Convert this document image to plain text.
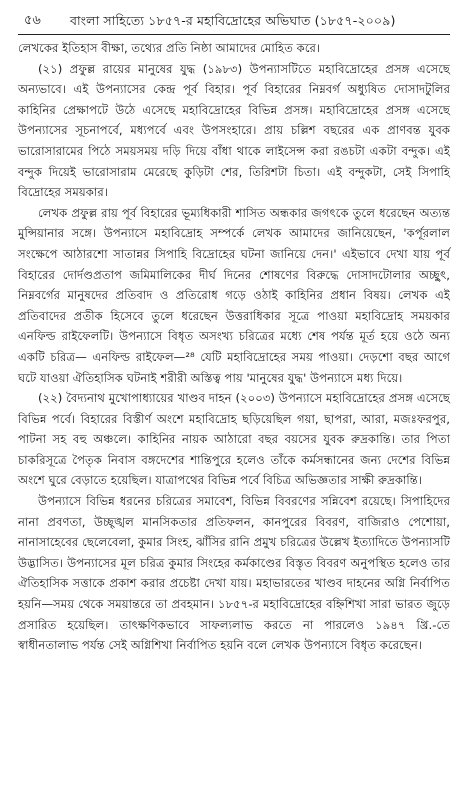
৫৬ বাংলা সাহিত্যে ১৮৫৭-র মহাবিদ্রোহের অভিঘাত (১৮৫৭-২০০৯)

লেখকের ইতিহাস বীক্ষা, তথ্যের প্রতি নিষ্ঠা আমাদের মোহিত করে।

(২১) প্রফুল্ল রায়ের মানুষের যুদ্ধ (১৯৮৩) উপন্যাসটিতে মহাবিদ্রোহের প্রসঙ্গ এসেছে অন্যভাবে। এই উপন্যাসের কেন্দ্র পূর্ব বিহার। পূর্ব বিহারের নিম্নবর্গ অধ্যুষিত দোসাদটুলির কাহিনির প্রেক্ষাপটে উঠে এসেছে মহাবিদ্রোহের বিভিন্ন প্রসঙ্গ। মহাবিদ্রোহের প্রসঙ্গ এসেছে উপন্যাসের সূচনাপর্বে, মধ্যপর্বে এবং উপসংহারে। প্রায় চল্লিশ বছরের এক প্রাণবন্ত যুবক ভারোসারামের পিঠে সময়সময় দড়ি দিয়ে বাঁধা থাকে লাইসেন্স করা রঙচটা একটা বন্দুক। এই বন্দুক দিয়েই ভারোসারাম মেরেছে কুড়িটা শের, তিরিশটা চিতা। এই বন্দুকটা, সেই সিপাহি বিদ্রোহের সময়কার।

লেখক প্রফুল্ল রায় পূর্ব বিহারের ভূম্যধিকারী শাসিত অন্ধকার জগৎকে তুলে ধরেছেন অত্যন্ত মুন্সিয়ানার সঙ্গে। উপন্যাসে মহাবিদ্রোহ সম্পর্কে লেখক আমাদের জানিয়েছেন, 'কর্পূরলাল সংক্ষেপে আঠারশো সাতান্নর সিপাহি বিদ্রোহের ঘটনা জানিয়ে দেন।' এইভাবে দেখা যায় পূর্ব বিহারের দোর্দণ্ডপ্রতাপ জমিমালিকের দীর্ঘ দিনের শোষণের বিরুদ্ধে দোসাদটোলার অচ্ছুৎ, নিম্নবর্গের মানুষদের প্রতিবাদ ও প্রতিরোধ গড়ে ওঠাই কাহিনির প্রধান বিষয়। লেখক এই প্রতিবাদের প্রতীক হিসেবে তুলে ধরেছেন উত্তরাধিকার সূত্রে পাওয়া মহাবিদ্রোহ সময়কার এনফিল্ড রাইফেলটি। উপন্যাসে বিধৃত অসংখ্য চরিত্রের মধ্যে শেষ পর্যন্ত মূর্ত হয়ে ওঠে অন্য একটি চরিত্র— এনফিল্ড রাইফেল—²⁸ যেটি মহাবিদ্রোহের সময় পাওয়া। দেড়শো বছর আগে ঘটে যাওয়া ঐতিহাসিক ঘটনাই শরীরী অস্তিত্ব পায় 'মানুষের যুদ্ধ' উপন্যাসে মধ্য দিয়ে।

(২২) বৈদ্যনাথ মুখোপাধ্যায়ের খাণ্ডব দাহন (২০০৩) উপন্যাসে মহাবিদ্রোহের প্রসঙ্গ এসেছে বিভিন্ন পর্বে। বিহারের বিস্তীর্ণ অংশে মহাবিদ্রোহ ছড়িয়েছিল গয়া, ছাপরা, আরা, মজঃফরপুর, পাটনা সহ বহু অঞ্চলে। কাহিনির নায়ক আঠারো বছর বয়সের যুবক রুদ্রকান্তি। তার পিতা চাকরিসূত্রে পৈতৃক নিবাস বঙ্গদেশের শান্তিপুরে হলেও তাঁকে কর্মসন্ধানের জন্য দেশের বিভিন্ন অংশে ঘুরে বেড়াতে হয়েছিল। যাত্রাপথের বিভিন্ন পর্বে বিচিত্র অভিজ্ঞতার সাক্ষী রুদ্রকান্তি।

উপন্যাসে বিভিন্ন ধরনের চরিত্রের সমাবেশ, বিভিন্ন বিবরণের সন্নিবেশ রয়েছে। সিপাহিদের নানা প্রবণতা, উচ্ছৃঙ্খল মানসিকতার প্রতিফলন, কানপুরের বিবরণ, বাজিরাও পেশোয়া, নানাসাহেবের ছেলেবেলা, কুমার সিংহ, ঝাঁসির রানি প্রমুখ চরিত্রের উল্লেখ ইত্যাদিতে উপন্যাসটি উদ্ভাসিত। উপন্যাসের মূল চরিত্র কুমার সিংহের কর্মকাণ্ডের বিস্তৃত বিবরণ অনুপস্থিত হলেও তার ঐতিহাসিক সত্তাকে প্রকাশ করার প্রচেষ্টা দেখা যায়। মহাভারতের খাণ্ডব দাহনের অগ্নি নির্বাপিত হয়নি—সময় থেকে সময়ান্তরে তা প্রবহমান। ১৮৫৭-র মহাবিদ্রোহের বহ্নিশিখা সারা ভারত জুড়ে প্রসারিত হয়েছিল। তাৎক্ষণিকভাবে সাফল্যলাভ করতে না পারলেও ১৯৪৭ খ্রি.-তে স্বাধীনতালাভ পর্যন্ত সেই অগ্নিশিখা নির্বাপিত হয়নি বলে লেখক উপন্যাসে বিধৃত করেছেন।
